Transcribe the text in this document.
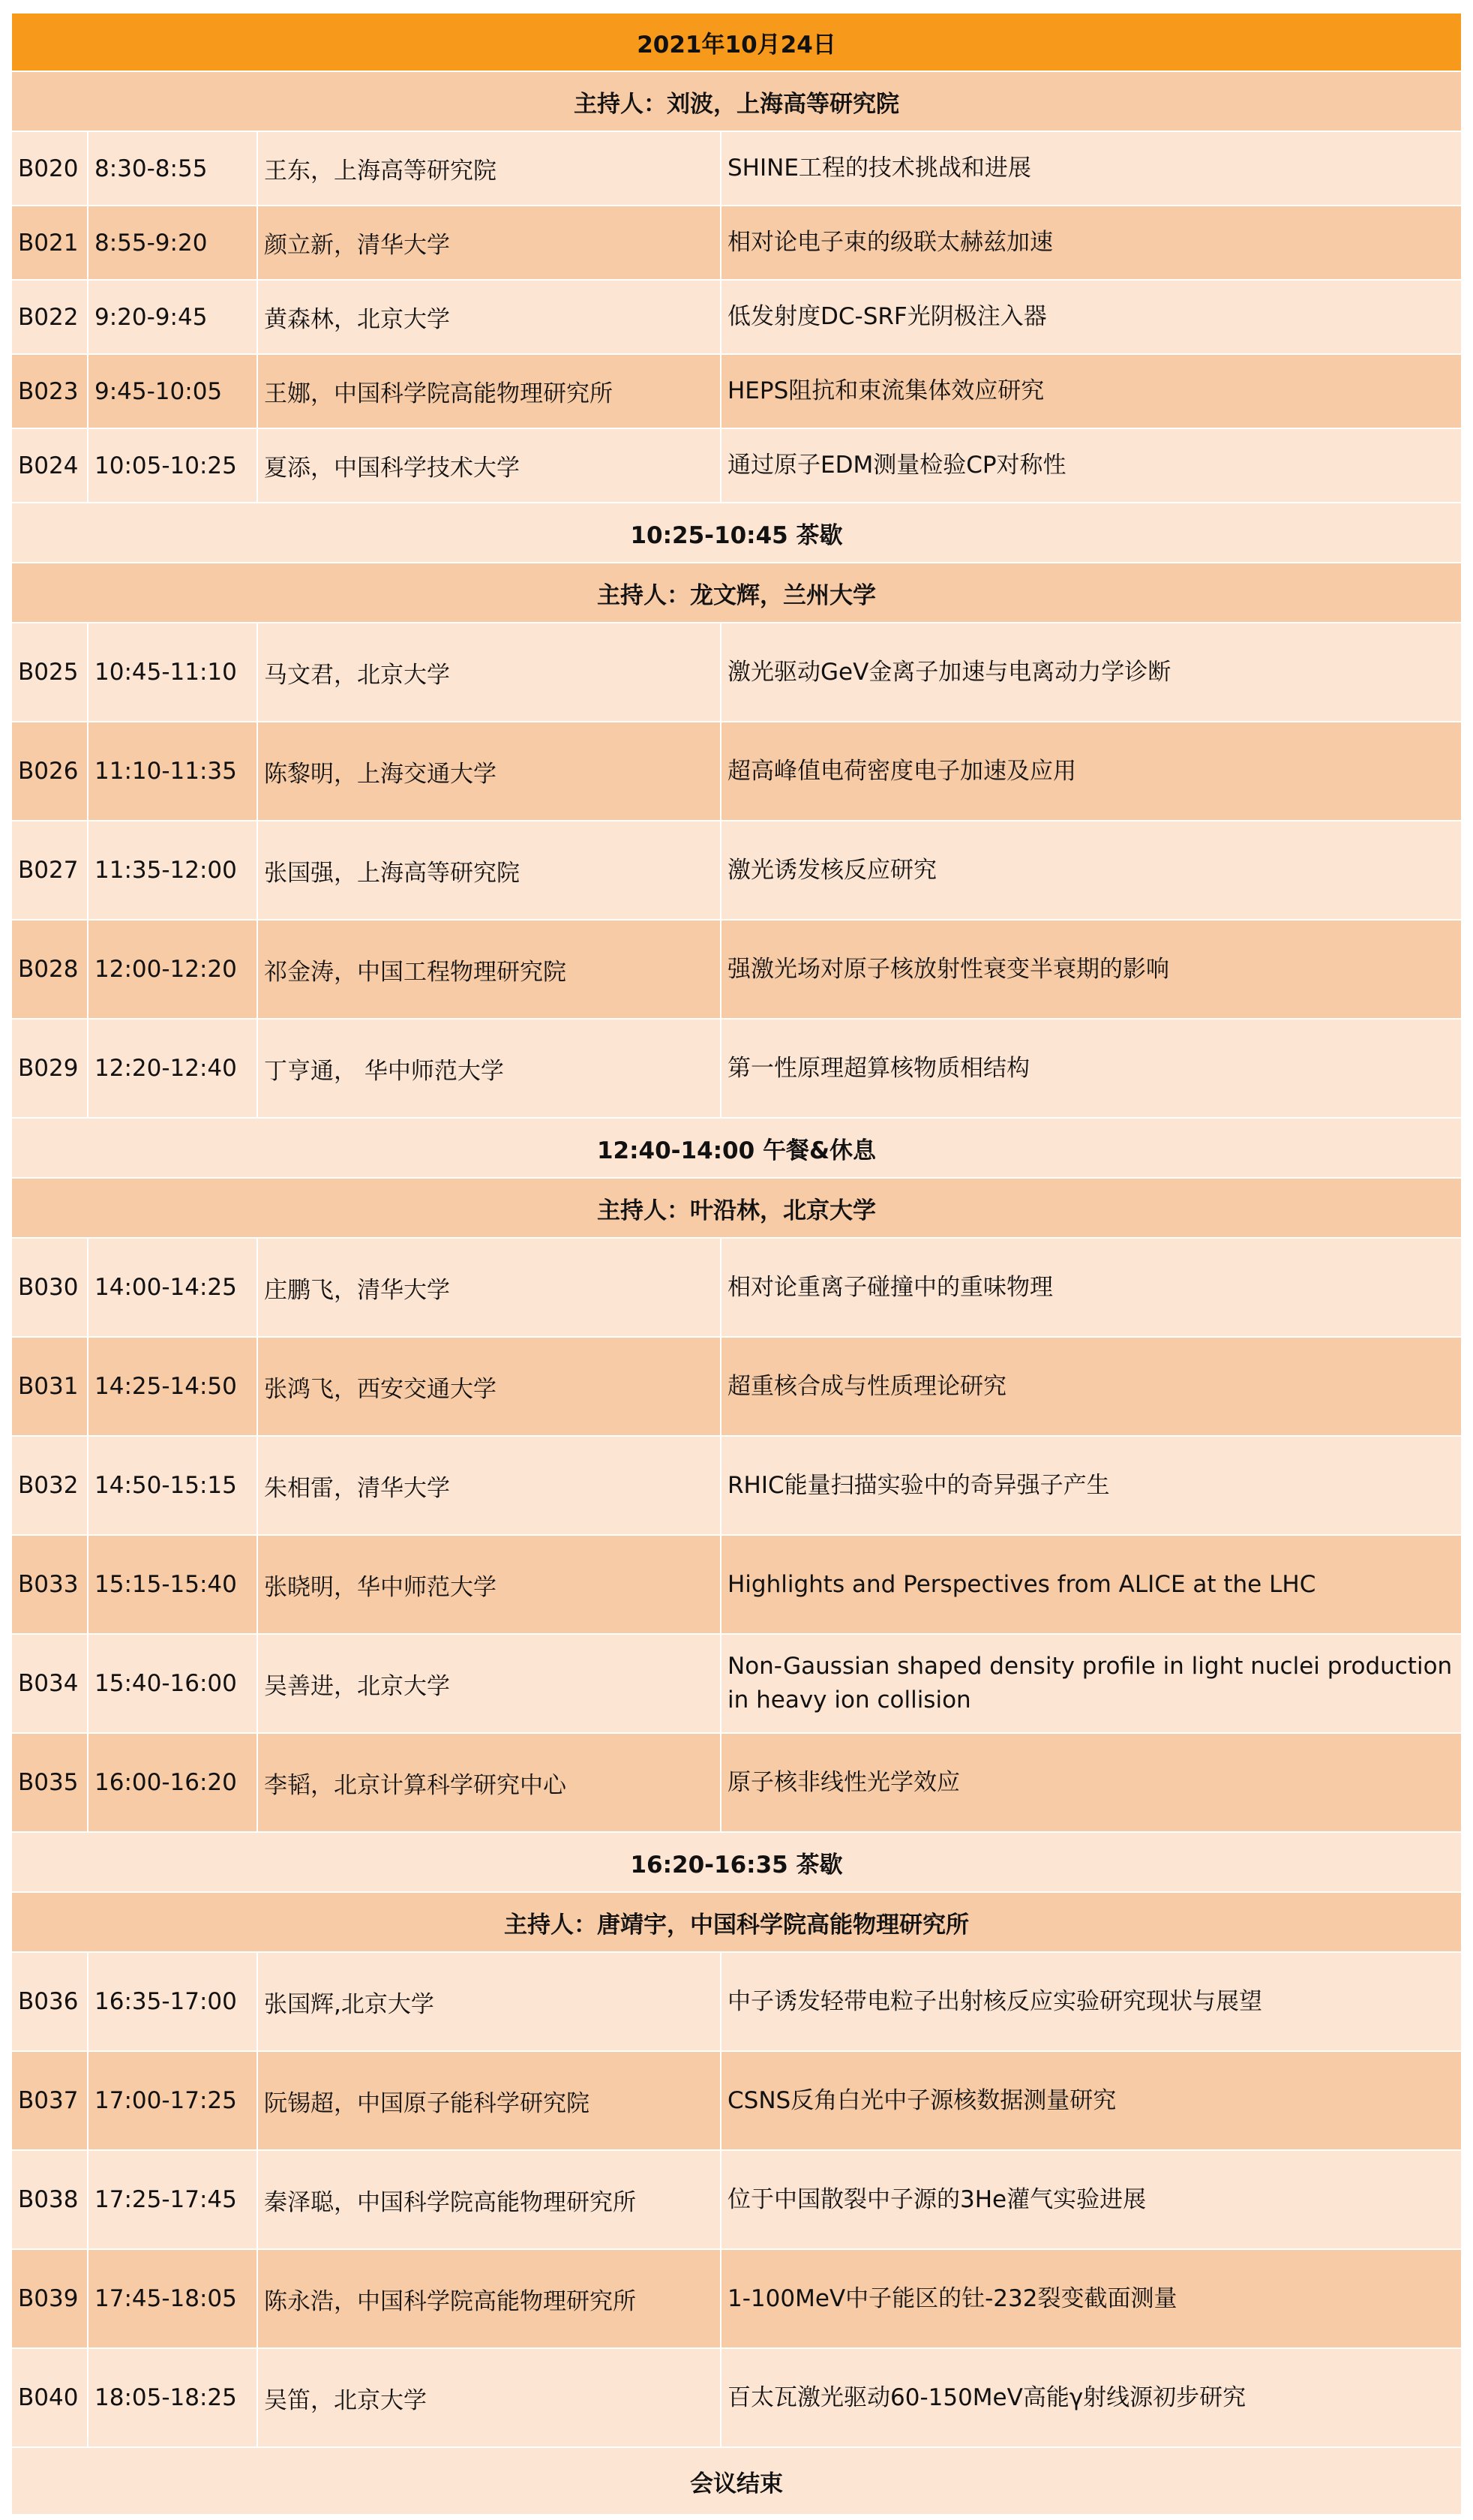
2021年10月24日			
主持人：刘波，上海高等研究院			
B020	8:30-8:55	王东，上海高等研究院	SHINE工程的技术挑战和进展
B021	8:55-9:20	颜立新，清华大学	相对论电子束的级联太赫兹加速
B022	9:20-9:45	黄森林，北京大学	低发射度DC-SRF光阴极注入器
B023	9:45-10:05	王娜，中国科学院高能物理研究所	HEPS阻抗和束流集体效应研究
B024	10:05-10:25	夏添，中国科学技术大学	通过原子EDM测量检验CP对称性
10:25-10:45 茶歇			
主持人：龙文辉，兰州大学			
B025	10:45-11:10	马文君，北京大学	激光驱动GeV金离子加速与电离动力学诊断
B026	11:10-11:35	陈黎明，上海交通大学	超高峰值电荷密度电子加速及应用
B027	11:35-12:00	张国强，上海高等研究院	激光诱发核反应研究
B028	12:00-12:20	祁金涛，中国工程物理研究院	强激光场对原子核放射性衰变半衰期的影响
B029	12:20-12:40	丁亨通， 华中师范大学	第一性原理超算核物质相结构
12:40-14:00 午餐&休息			
主持人：叶沿林，北京大学			
B030	14:00-14:25	庄鹏飞，清华大学	相对论重离子碰撞中的重味物理
B031	14:25-14:50	张鸿飞，西安交通大学	超重核合成与性质理论研究
B032	14:50-15:15	朱相雷，清华大学	RHIC能量扫描实验中的奇异强子产生
B033	15:15-15:40	张晓明，华中师范大学	Highlights and Perspectives from ALICE at the LHC
B034	15:40-16:00	吴善进，北京大学	Non-Gaussian shaped density profile in light nuclei production in heavy ion collision
B035	16:00-16:20	李韬，北京计算科学研究中心	原子核非线性光学效应
16:20-16:35 茶歇			
主持人：唐靖宇，中国科学院高能物理研究所			
B036	16:35-17:00	张国辉,北京大学	中子诱发轻带电粒子出射核反应实验研究现状与展望
B037	17:00-17:25	阮锡超，中国原子能科学研究院	CSNS反角白光中子源核数据测量研究
B038	17:25-17:45	秦泽聪，中国科学院高能物理研究所	位于中国散裂中子源的3He灌气实验进展
B039	17:45-18:05	陈永浩，中国科学院高能物理研究所	1-100MeV中子能区的钍-232裂变截面测量
B040	18:05-18:25	吴笛，北京大学	百太瓦激光驱动60-150MeV高能γ射线源初步研究
会议结束			
